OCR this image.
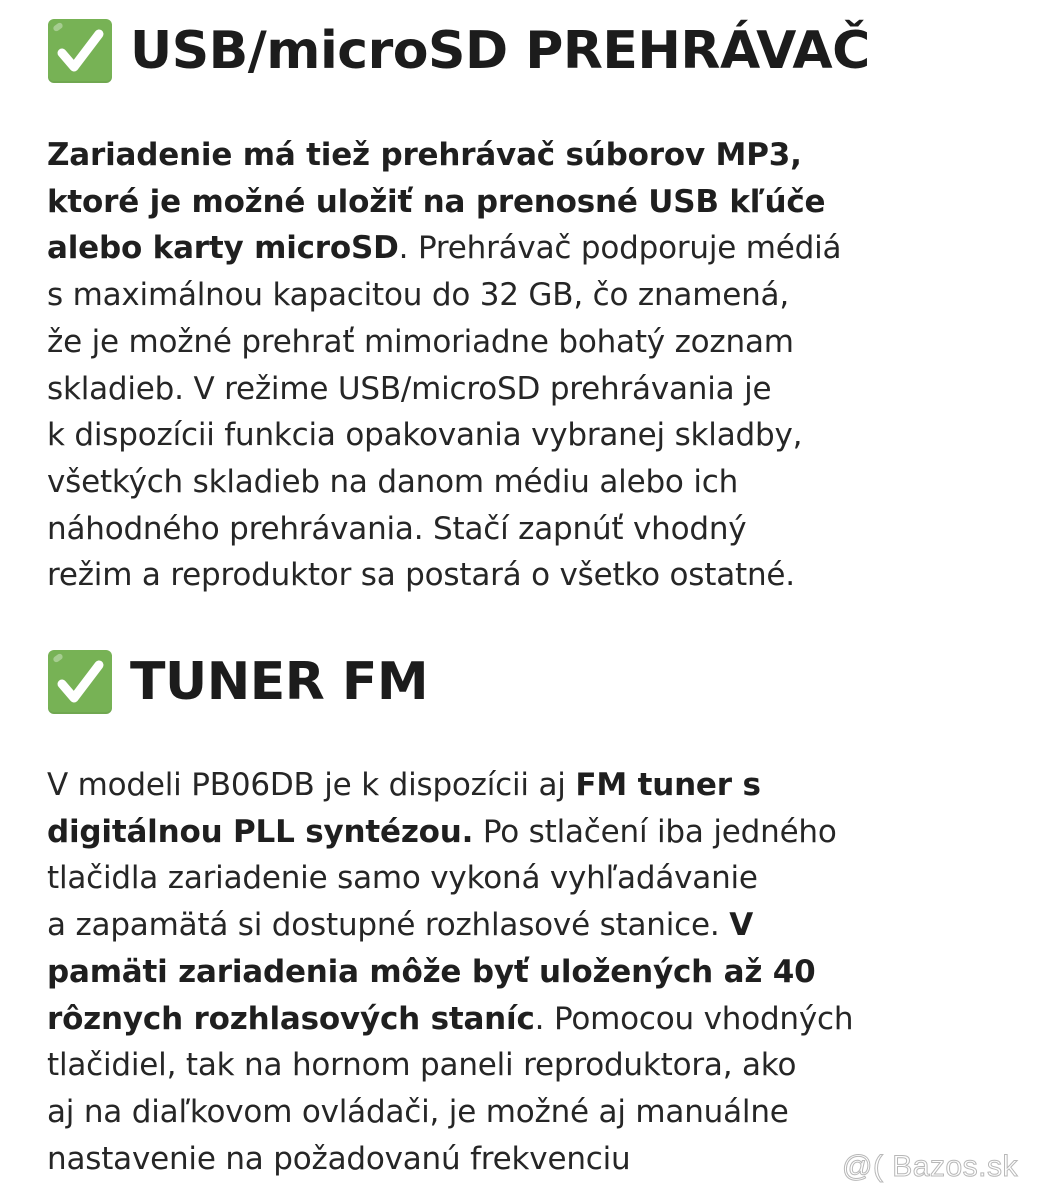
USB/microSD PREHRÁVAČ
Zariadenie má tiež prehrávač súborov MP3,
ktoré je možné uložiť na prenosné USB kľúče
alebo karty microSD. Prehrávač podporuje médiá
s maximálnou kapacitou do 32 GB, čo znamená,
že je možné prehrať mimoriadne bohatý zoznam
skladieb. V režime USB/microSD prehrávania je
k dispozícii funkcia opakovania vybranej skladby,
všetkých skladieb na danom médiu alebo ich
náhodného prehrávania. Stačí zapnúť vhodný
režim a reproduktor sa postará o všetko ostatné.
TUNER FM
V modeli PB06DB je k dispozícii aj FM tuner s
digitálnou PLL syntézou. Po stlačení iba jedného
tlačidla zariadenie samo vykoná vyhľadávanie
a zapamätá si dostupné rozhlasové stanice. V
pamäti zariadenia môže byť uložených až 40
rôznych rozhlasových staníc. Pomocou vhodných
tlačidiel, tak na hornom paneli reproduktora, ako
aj na diaľkovom ovládači, je možné aj manuálne
nastavenie na požadovanú frekvenciu	@( Bazos.sk
